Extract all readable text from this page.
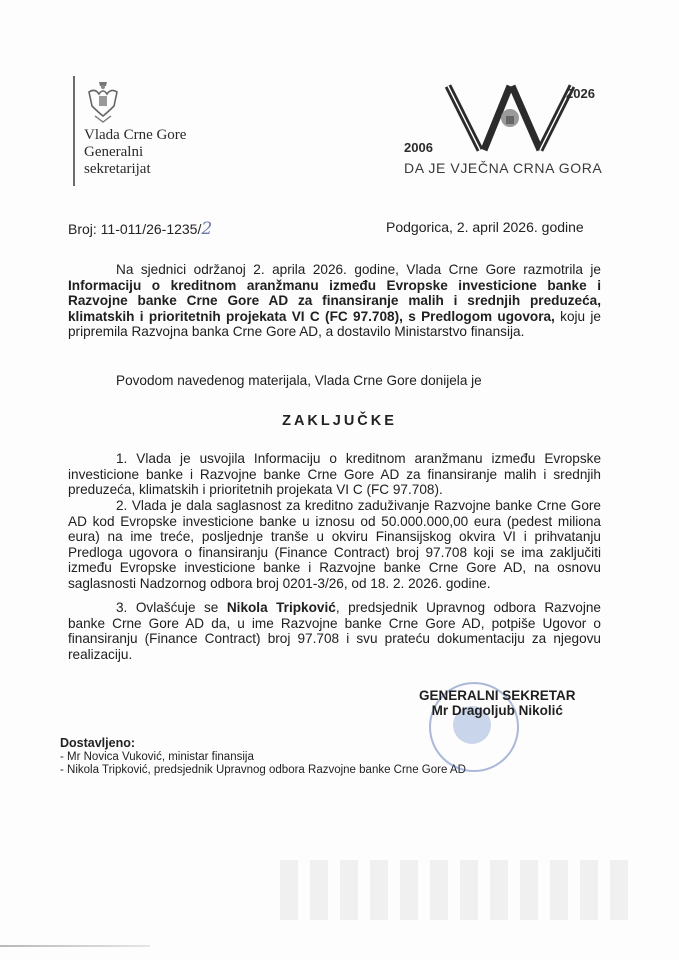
Vlada Crne Gore
Generalni
sekretarijat
2006
2026
DA JE VJEČNA CRNA GORA
Broj: 11-011/26-1235/2	Podgorica, 2. april 2026. godine
Na sjednici održanoj 2. aprila 2026. godine, Vlada Crne Gore razmotrila je Informaciju o kreditnom aranžmanu između Evropske investicione banke i Razvojne banke Crne Gore AD za finansiranje malih i srednjih preduzeća, klimatskih i prioritetnih projekata VI C (FC 97.708), s Predlogom ugovora, koju je pripremila Razvojna banka Crne Gore AD, a dostavilo Ministarstvo finansija.
Povodom navedenog materijala, Vlada Crne Gore donijela je
ZAKLJUČKE
1. Vlada je usvojila Informaciju o kreditnom aranžmanu između Evropske investicione banke i Razvojne banke Crne Gore AD za finansiranje malih i srednjih preduzeća, klimatskih i prioritetnih projekata VI C (FC 97.708).
2. Vlada je dala saglasnost za kreditno zaduživanje Razvojne banke Crne Gore AD kod Evropske investicione banke u iznosu od 50.000.000,00 eura (pedest miliona eura) na ime treće, posljednje tranše u okviru Finansijskog okvira VI i prihvatanju Predloga ugovora o finansiranju (Finance Contract) broj 97.708 koji se ima zaključiti između Evropske investicione banke i Razvojne banke Crne Gore AD, na osnovu saglasnosti Nadzornog odbora broj 0201-3/26, od 18. 2. 2026. godine.
3. Ovlašćuje se Nikola Tripković, predsjednik Upravnog odbora Razvojne banke Crne Gore AD da, u ime Razvojne banke Crne Gore AD, potpiše Ugovor o finansiranju (Finance Contract) broj 97.708 i svu prateću dokumentaciju za njegovu realizaciju.
GENERALNI SEKRETAR
Mr Dragoljub Nikolić
Dostavljeno:
- Mr Novica Vuković, ministar finansija
- Nikola Tripković, predsjednik Upravnog odbora Razvojne banke Crne Gore AD
